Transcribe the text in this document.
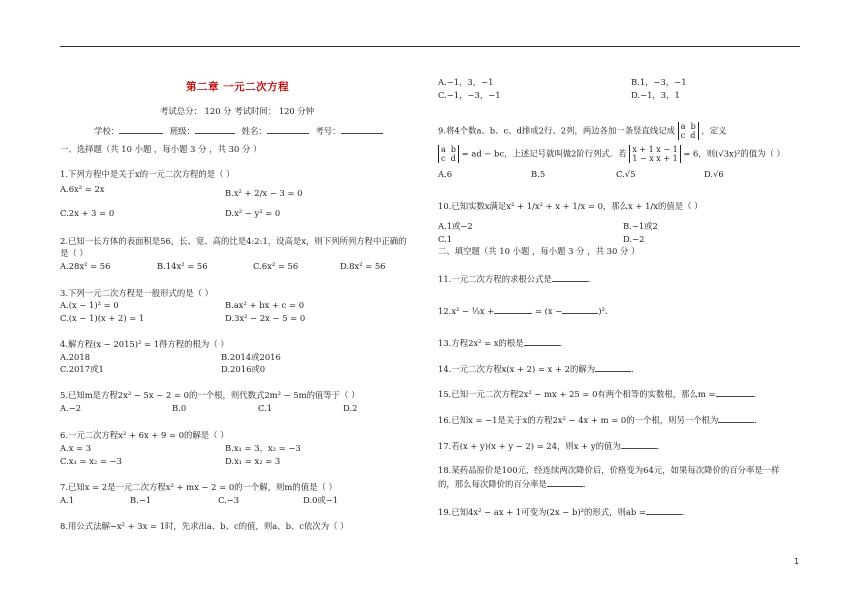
第二章 一元二次方程
考试总分： 120 分 考试时间： 120 分钟
学校：	班级：	姓名：	考号：
一、选择题（共 10 小题 ，每小题 3 分 ，共 30 分 ）
1.下列方程中是关于x的一元二次方程的是（ ）
A.6x² = 2x	B.x² + 2/x − 3 = 0
C.2x + 3 = 0	D.x² − y² = 0
2.已知一长方体的表面积是56，长、宽、高的比是4:2:1，设高是x，则下列所列方程中正确的
是（ ）
A.28x² = 56	B.14x² = 56	C.6x² = 56	D.8x² = 56
3.下列一元二次方程是一般形式的是（ ）
A.(x − 1)² = 0	B.ax² + bx + c = 0
C.(x − 1)(x + 2) = 1	D.3x² − 2x − 5 = 0
4.解方程(x − 2015)² = 1得方程的根为（ ）
A.2018	B.2014或2016
C.2017或1	D.2016或0
5.已知m是方程2x² − 5x − 2 = 0的一个根，则代数式2m² − 5m的值等于（ ）
A.−2	B.0	C.1	D.2
6.一元二次方程x² + 6x + 9 = 0的解是（ ）
A.x = 3	B.x₁ = 3，x₂ = −3
C.x₁ = x₂ = −3	D.x₁ = x₂ = 3
7.已知x = 2是一元二次方程x² + mx − 2 = 0的一个解，则m的值是（ ）
A.1	B.−1	C.−3	D.0或−1
8.用公式法解−x² + 3x = 1时，先求出a、b、c的值，则a、b、c依次为（ ）
A.−1，3，−1	B.1，−3，−1
C.−1，−3，−1	D.−1，3，1
9.将4个数a、b、c、d排成2行、2列，两边各加一条竖直线记成 a b
c d ，定义
a b
c d = ad − bc，上述记号就叫做2阶行列式．若 x + 1 x − 1
1 − x x + 1 = 6，则(√3x)²的值为（ ）
A.6	B.5	C.√5	D.√6
10.已知实数x满足x² + 1/x² + x + 1/x = 0，那么x + 1/x的值是（ ）
A.1或−2	B.−1或2
C.1	D.−2
二、填空题（共 10 小题 ，每小题 3 分 ，共 30 分 ）
11.一元二次方程的求根公式是	．
12.x² − ⅓x +	= (x −	)².
13.方程2x² = x的根是	．
14.一元二次方程x(x + 2) = x + 2的解为	．
15.已知一元二次方程2x² − mx + 25 = 0有两个相等的实数根，那么m =	．
16.已知x = −1是关于x的方程2x² − 4x + m = 0的一个根，则另一个根为	．
17.若(x + y)(x + y − 2) = 24，则x + y的值为	．
18.某药品原价是100元，经连续两次降价后，价格变为64元，如果每次降价的百分率是一样
的，那么每次降价的百分率是	．
19.已知4x² − ax + 1可变为(2x − b)²的形式，则ab =	．
1
